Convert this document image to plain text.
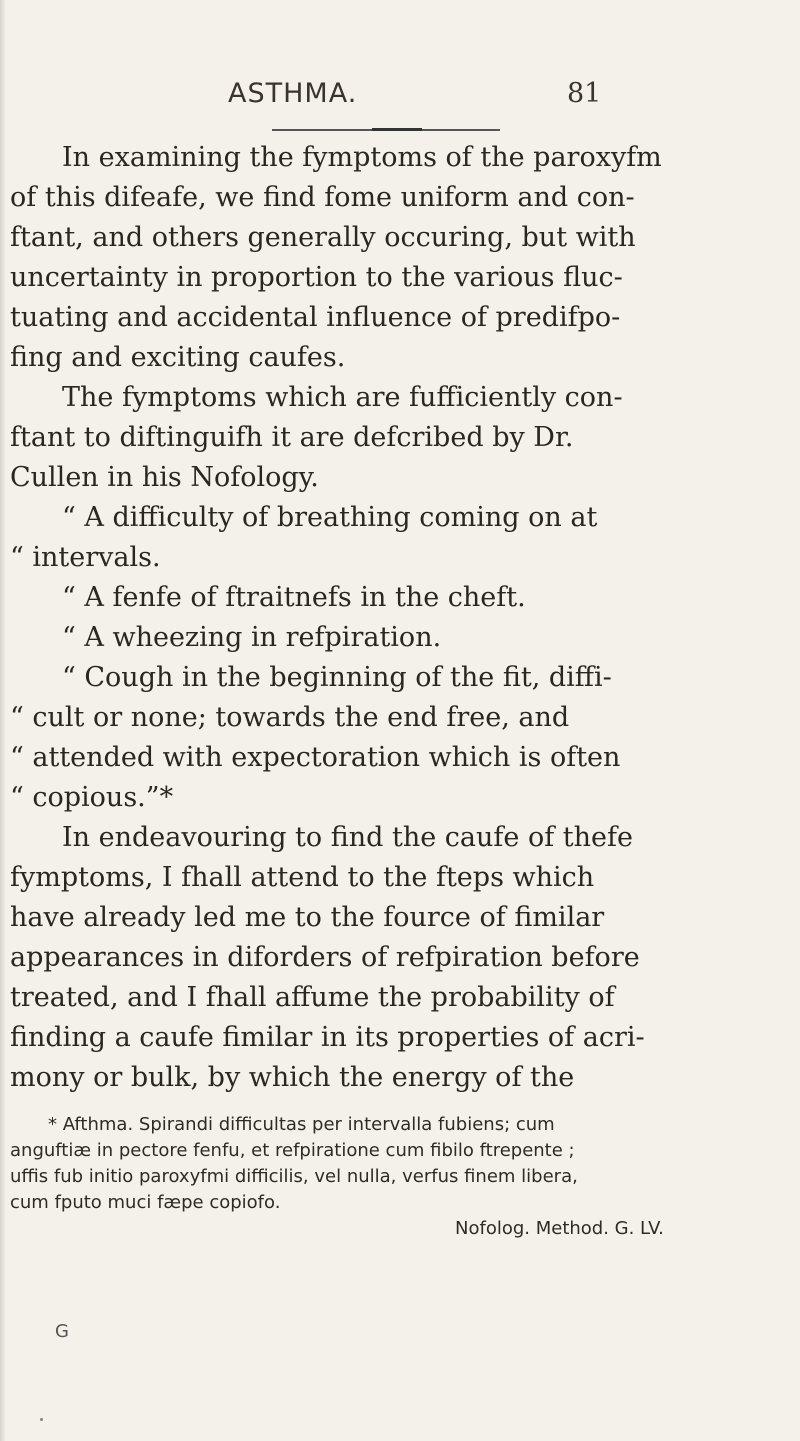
ASTHMA.	81
In examining the fymptoms of the paroxyfm
of this difeafe, we find fome uniform and con-
ftant, and others generally occuring, but with
uncertainty in proportion to the various fluc-
tuating and accidental influence of predifpo-
fing and exciting caufes.
The fymptoms which are fufficiently con-
ftant to diftinguifh it are defcribed by Dr.
Cullen in his Nofology.
“ A difficulty of breathing coming on at
“ intervals.
“ A fenfe of ftraitnefs in the cheft.
“ A wheezing in refpiration.
“ Cough in the beginning of the fit, diffi-
“ cult or none; towards the end free, and
“ attended with expectoration which is often
“ copious.”*
In endeavouring to find the caufe of thefe
fymptoms, I fhall attend to the fteps which
have already led me to the fource of fimilar
appearances in diforders of refpiration before
treated, and I fhall affume the probability of
finding a caufe fimilar in its properties of acri-
mony or bulk, by which the energy of the
* Afthma. Spirandi difficultas per intervalla fubiens; cum
anguftiæ in pectore fenfu, et refpiratione cum fibilo ftrepente ;
uffis fub initio paroxyfmi difficilis, vel nulla, verfus finem libera,
cum fputo muci fæpe copiofo.
Nofolog. Method. G. LV.
G
